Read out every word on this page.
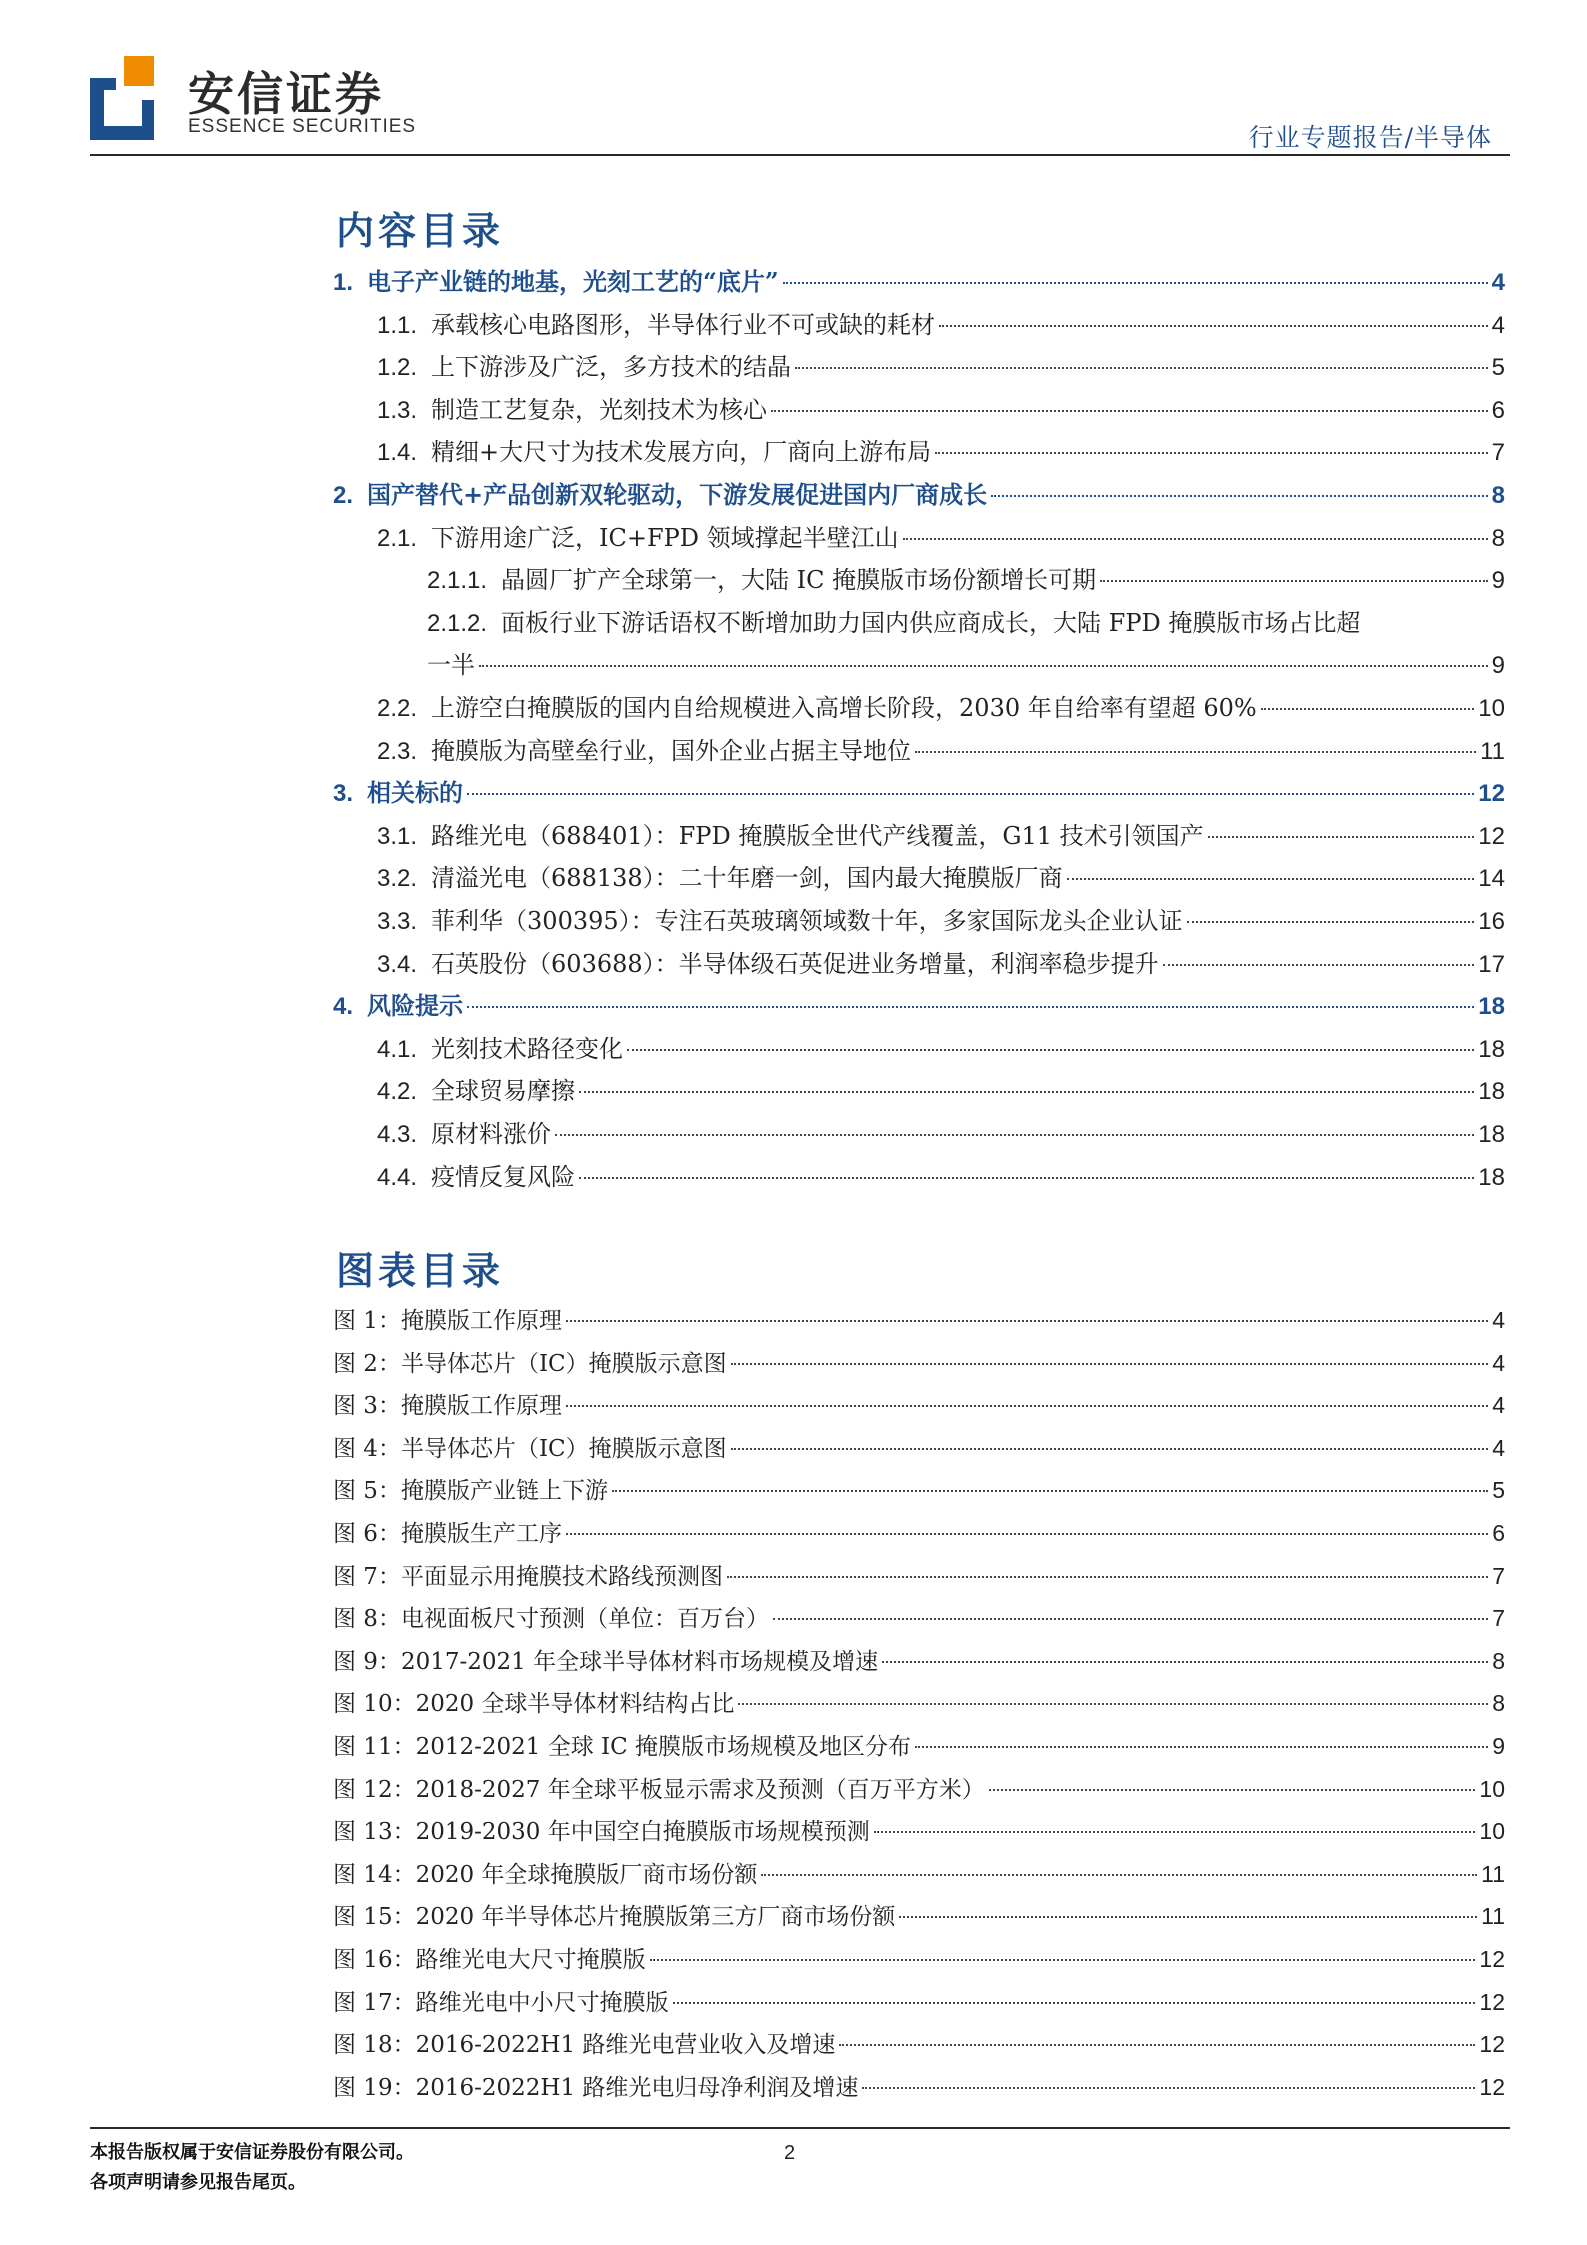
安信证券
ESSENCE SECURITIES	行业专题报告/半导体
内容目录
1. 电子产业链的地基，光刻工艺的“底片”	4
1.1. 承载核心电路图形，半导体行业不可或缺的耗材	4
1.2. 上下游涉及广泛，多方技术的结晶	5
1.3. 制造工艺复杂，光刻技术为核心	6
1.4. 精细+大尺寸为技术发展方向，厂商向上游布局	7
2. 国产替代+产品创新双轮驱动，下游发展促进国内厂商成长	8
2.1. 下游用途广泛，IC+FPD 领域撑起半壁江山	8
2.1.1. 晶圆厂扩产全球第一，大陆 IC 掩膜版市场份额增长可期	9
2.1.2. 面板行业下游话语权不断增加助力国内供应商成长，大陆 FPD 掩膜版市场占比超
一半	9
2.2. 上游空白掩膜版的国内自给规模进入高增长阶段，2030 年自给率有望超 60%	10
2.3. 掩膜版为高壁垒行业，国外企业占据主导地位	11
3. 相关标的	12
3.1. 路维光电（688401）：FPD 掩膜版全世代产线覆盖，G11 技术引领国产	12
3.2. 清溢光电（688138）：二十年磨一剑，国内最大掩膜版厂商	14
3.3. 菲利华（300395）：专注石英玻璃领域数十年，多家国际龙头企业认证	16
3.4. 石英股份（603688）：半导体级石英促进业务增量，利润率稳步提升	17
4. 风险提示	18
4.1. 光刻技术路径变化	18
4.2. 全球贸易摩擦	18
4.3. 原材料涨价	18
4.4. 疫情反复风险	18
图表目录
图 1：掩膜版工作原理	4
图 2：半导体芯片（IC）掩膜版示意图	4
图 3：掩膜版工作原理	4
图 4：半导体芯片（IC）掩膜版示意图	4
图 5：掩膜版产业链上下游	5
图 6：掩膜版生产工序	6
图 7：平面显示用掩膜技术路线预测图	7
图 8：电视面板尺寸预测（单位：百万台）	7
图 9：2017-2021 年全球半导体材料市场规模及增速	8
图 10：2020 全球半导体材料结构占比	8
图 11：2012-2021 全球 IC 掩膜版市场规模及地区分布	9
图 12：2018-2027 年全球平板显示需求及预测（百万平方米）	10
图 13：2019-2030 年中国空白掩膜版市场规模预测	10
图 14：2020 年全球掩膜版厂商市场份额	11
图 15：2020 年半导体芯片掩膜版第三方厂商市场份额	11
图 16：路维光电大尺寸掩膜版	12
图 17：路维光电中小尺寸掩膜版	12
图 18：2016-2022H1 路维光电营业收入及增速	12
图 19：2016-2022H1 路维光电归母净利润及增速	12
本报告版权属于安信证券股份有限公司。
各项声明请参见报告尾页。
2
